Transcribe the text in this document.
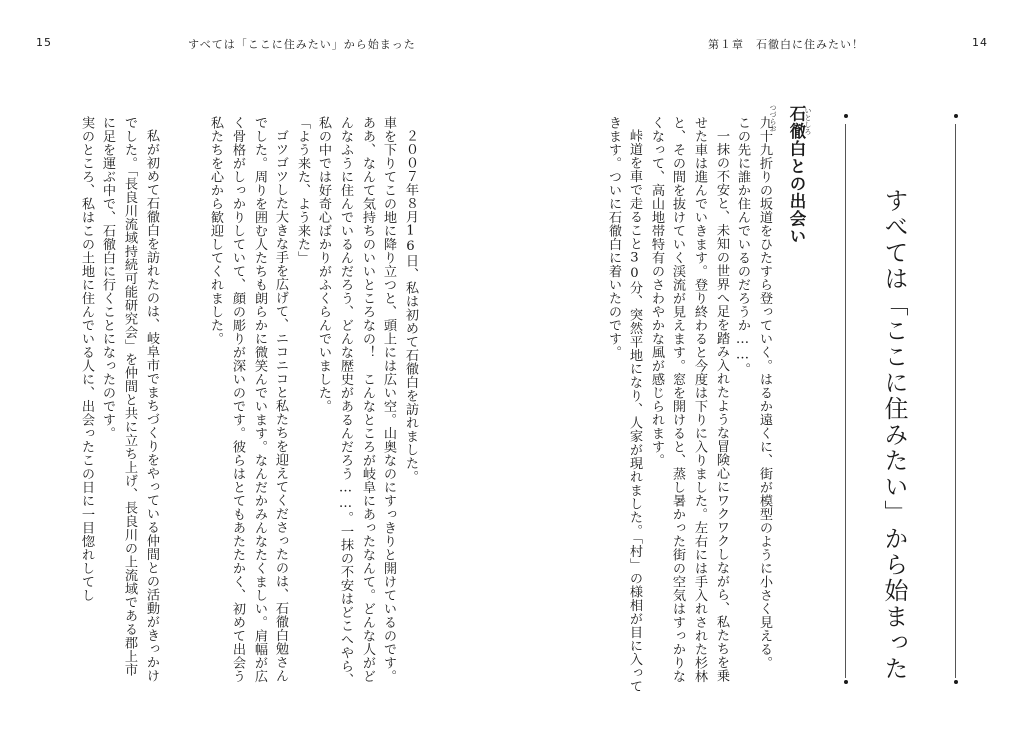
15	すべては「ここに住みたい」から始まった
２００７年８月16日、私は初めて石徹白を訪れました。
車を下りてこの地に降り立つと、頭上には広い空。山奥なのにすっきりと開けているのです。
ああ、なんて気持ちのいいところなの！　こんなところが岐阜にあったなんて。どんな人がど
んなふうに住んでいるんだろう、どんな歴史があるんだろう……。一抹の不安はどこへやら、
私の中では好奇心ばかりがふくらんでいました。
「よう来た、よう来た」
ゴツゴツした大きな手を広げて、ニコニコと私たちを迎えてくださったのは、石徹白勉さん
でした。周りを囲む人たちも朗らかに微笑んでいます。なんだかみんなたくましい。肩幅が広
く骨格がしっかりしていて、顔の彫りが深いのです。彼らはとてもあたたかく、初めて出会う
私たちを心から歓迎してくれました。
私が初めて石徹白を訪れたのは、岐阜市でまちづくりをやっている仲間との活動がきっかけ
でした。「長良川流域持続可能研究会」を仲間と共に立ち上げ、長良川の上流域である郡上市
に足を運ぶ中で、石徹白に行くことになったのです。
実のところ、私はこの土地に住んでいる人に、出会ったこの日に一目惚れしてし
第１章　石徹白に住みたい！	14
すべては「ここに住みたい」から始まった
いとしろ
石徹白との出会い
つづらお
九十九折りの坂道をひたすら登っていく。はるか遠くに、街が模型のように小さく見える。
この先に誰か住んでいるのだろうか……。
一抹の不安と、未知の世界へ足を踏み入れたような冒険心にワクワクしながら、私たちを乗
せた車は進んでいきます。登り終わると今度は下りに入りました。左右には手入れされた杉林
と、その間を抜けていく渓流が見えます。窓を開けると、蒸し暑かった街の空気はすっかりな
くなって、高山地帯特有のさわやかな風が感じられます。
峠道を車で走ること30分、突然平地になり、人家が現れました。「村」の様相が目に入って
きます。ついに石徹白に着いたのです。
